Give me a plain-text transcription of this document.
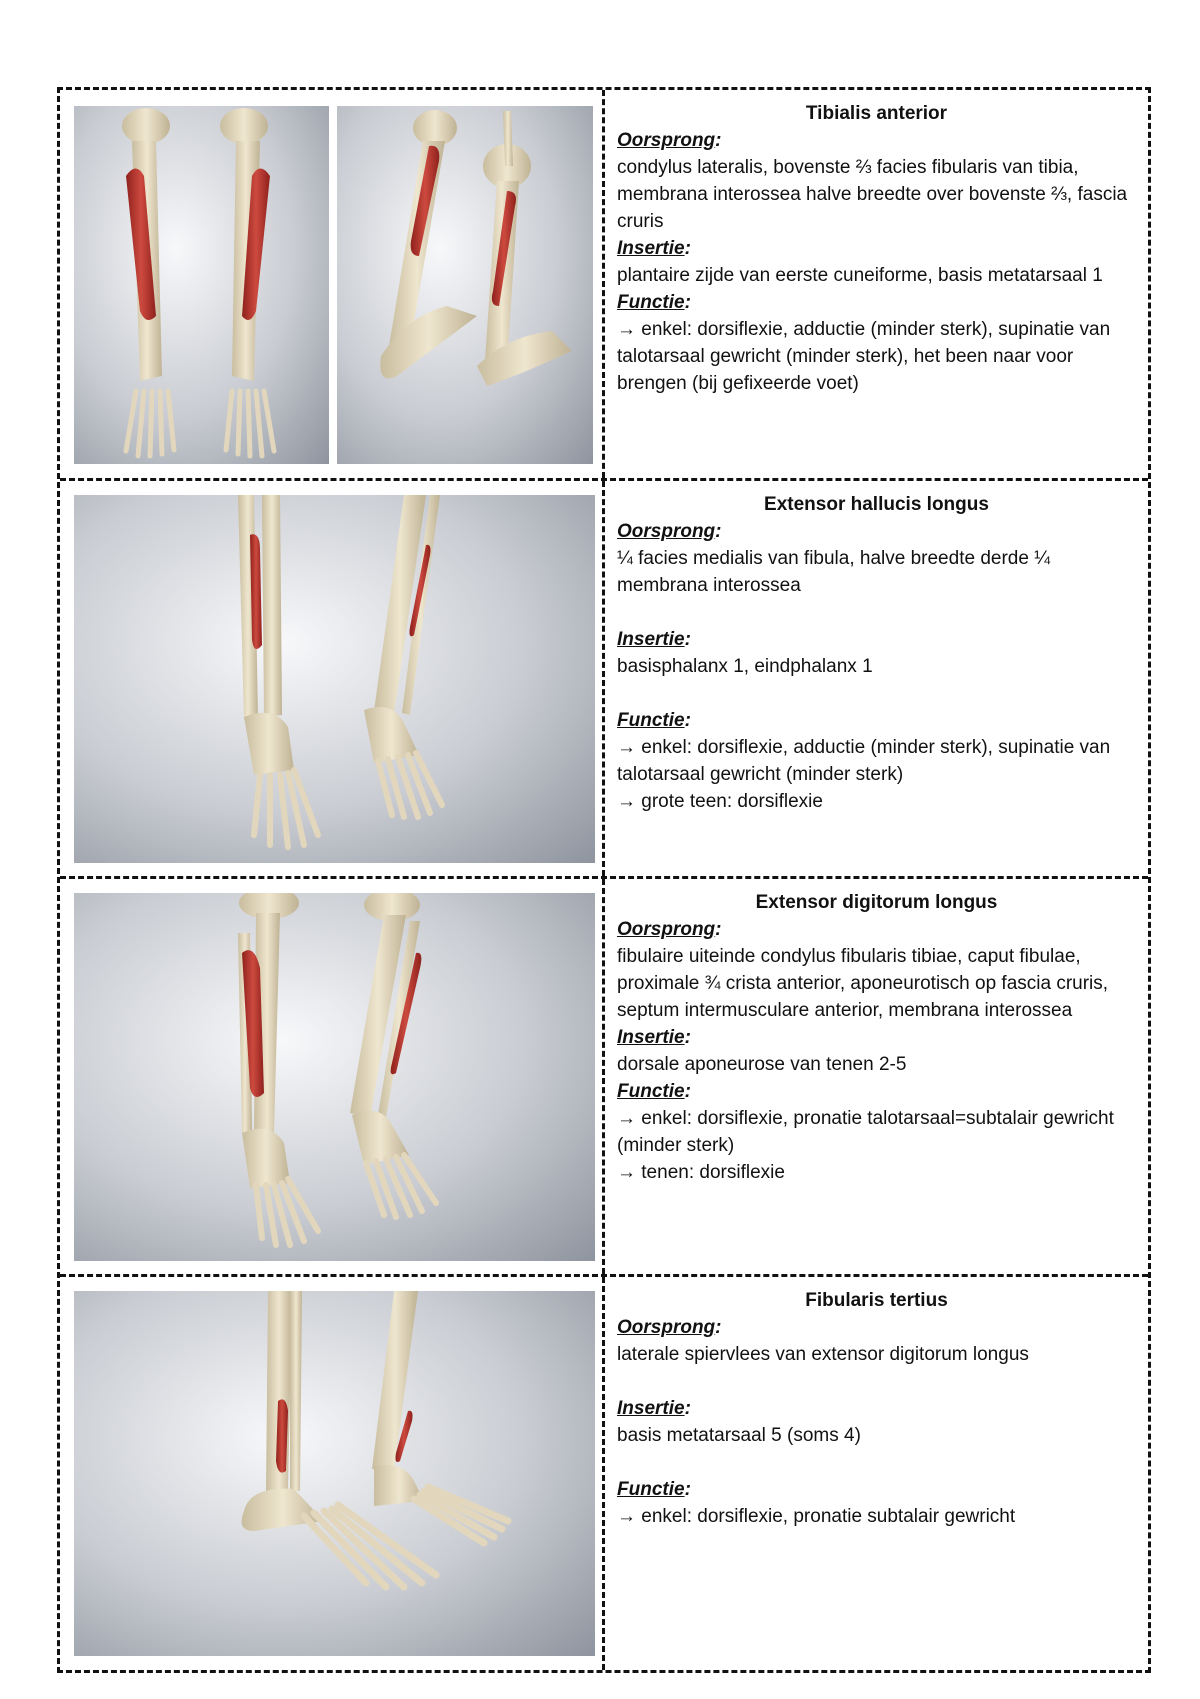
Tibialis anterior
Oorsprong:
condylus lateralis, bovenste ⅔ facies fibularis van tibia, membrana interossea halve breedte over bovenste ⅔, fascia cruris
Insertie:
plantaire zijde van eerste cuneiforme, basis metatarsaal 1
Functie:
→ enkel: dorsiflexie, adductie (minder sterk), supinatie van talotarsaal gewricht (minder sterk), het been naar voor brengen (bij gefixeerde voet)
Extensor hallucis longus
Oorsprong:
¼ facies medialis van fibula, halve breedte derde ¼ membrana interossea
Insertie:
basisphalanx 1, eindphalanx 1
Functie:
→ enkel: dorsiflexie, adductie (minder sterk), supinatie van talotarsaal gewricht (minder sterk)
→ grote teen: dorsiflexie
Extensor digitorum longus
Oorsprong:
fibulaire uiteinde condylus fibularis tibiae, caput fibulae, proximale ¾ crista anterior, aponeurotisch op fascia cruris, septum intermusculare anterior, membrana interossea
Insertie:
dorsale aponeurose van tenen 2-5
Functie:
→ enkel: dorsiflexie, pronatie talotarsaal=subtalair gewricht (minder sterk)
→ tenen: dorsiflexie
Fibularis tertius
Oorsprong:
laterale spiervlees van extensor digitorum longus
Insertie:
basis metatarsaal 5 (soms 4)
Functie:
→ enkel: dorsiflexie, pronatie subtalair gewricht
